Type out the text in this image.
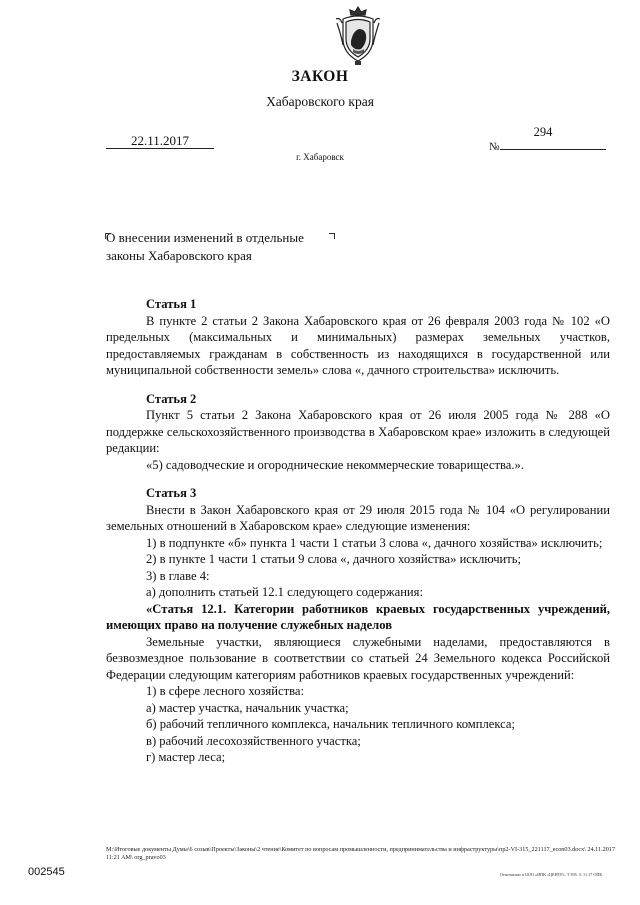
ЗАКОН
Хабаровского края
22.11.2017	№
294
г. Хабаровск
О внесении изменений в отдельные
законы Хабаровского края

Статья 1

В пункте 2 статьи 2 Закона Хабаровского края от 26 февраля 2003 года № 102 «О предельных (максимальных и минимальных) размерах земельных участков, предоставляемых гражданам в собственность из находящихся в государственной или муниципальной собственности земель» слова «, дачного строительства» исключить.

Статья 2

Пункт 5 статьи 2 Закона Хабаровского края от 26 июля 2005 года № 288 «О поддержке сельскохозяйственного производства в Хабаровском крае» изложить в следующей редакции:

«5) садоводческие и огороднические некоммерческие товарищества.».

Статья 3

Внести в Закон Хабаровского края от 29 июля 2015 года № 104 «О регулировании земельных отношений в Хабаровском крае» следующие изменения:

1) в подпункте «б» пункта 1 части 1 статьи 3 слова «, дачного хозяйства» исключить;

2) в пункте 1 части 1 статьи 9 слова «, дачного хозяйства» исключить;

3) в главе 4:

а) дополнить статьей 12.1 следующего содержания:

«Статья 12.1. Категории работников краевых государственных учреждений, имеющих право на получение служебных наделов

Земельные участки, являющиеся служебными наделами, предоставляются в безвозмездное пользование в соответствии со статьей 24 Земельного кодекса Российской Федерации следующим категориям работников краевых государственных учреждений:

1) в сфере лесного хозяйства:

а) мастер участка, начальник участка;

б) рабочий тепличного комплекса, начальник тепличного комплекса;

в) рабочий лесохозяйственного участка;

г) мастер леса;

M:\Итоговые документы Думы\6 созыв\Проекты\Законы\2 чтение\Комитет по вопросам промышленности, предпринимательства и инфраструктуры\пр2-VI-315_221117_econ03.docx\ 24.11.2017 11:21 AM\ org_pravo03
002545	Отпечатано в ООО «ИПК «ЦЕНТР». Т 395. З. 11.17 ОПК
